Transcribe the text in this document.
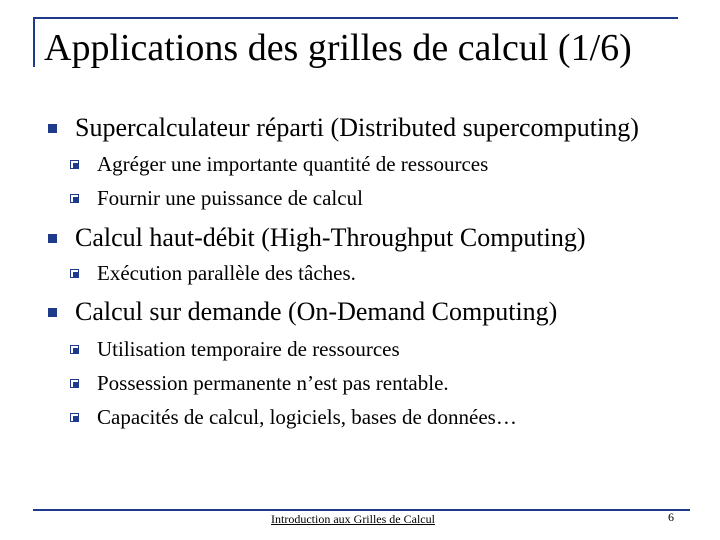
Applications des grilles de calcul (1/6)
Supercalculateur réparti (Distributed supercomputing)
Agréger une importante quantité de ressources
Fournir une puissance de calcul
Calcul haut-débit (High-Throughput Computing)
Exécution parallèle des tâches.
Calcul sur demande (On-Demand Computing)
Utilisation temporaire de ressources
Possession permanente n’est pas rentable.
Capacités de calcul, logiciels, bases de données…
Introduction aux Grilles de Calcul	6
